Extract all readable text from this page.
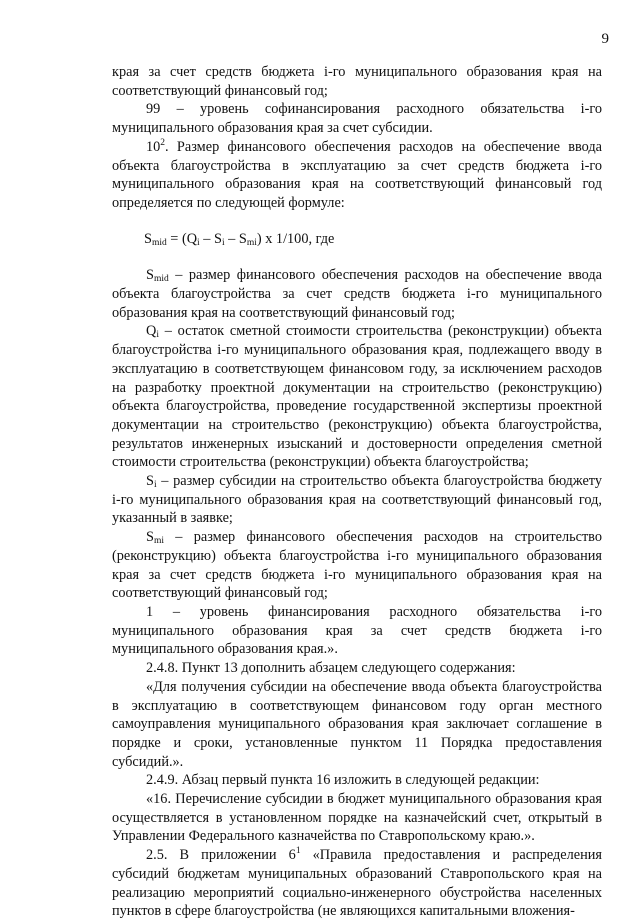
9

края за счет средств бюджета i-го муниципального образования края на соответствующий финансовый год;

99 – уровень софинансирования расходного обязательства i-го муниципального образования края за счет субсидии.

$10^2$. Размер финансового обеспечения расходов на обеспечение ввода объекта благоустройства в эксплуатацию за счет средств бюджета i-го муниципального образования края на соответствующий финансовый год определяется по следующей формуле:

$S_{mid} = (Q_i - S_i - S_{mi})$ x 1/100, где

$S_{mid}$ – размер финансового обеспечения расходов на обеспечение ввода объекта благоустройства за счет средств бюджета i-го муниципального образования края на соответствующий финансовый год;

$Q_i$ – остаток сметной стоимости строительства (реконструкции) объекта благоустройства i-го муниципального образования края, подлежащего вводу в эксплуатацию в соответствующем финансовом году, за исключением расходов на разработку проектной документации на строительство (реконструкцию) объекта благоустройства, проведение государственной экспертизы проектной документации на строительство (реконструкцию) объекта благоустройства, результатов инженерных изысканий и достоверности определения сметной стоимости строительства (реконструкции) объекта благоустройства;

$S_i$ – размер субсидии на строительство объекта благоустройства бюджету i-го муниципального образования края на соответствующий финансовый год, указанный в заявке;

$S_{mi}$ – размер финансового обеспечения расходов на строительство (реконструкцию) объекта благоустройства i-го муниципального образования края за счет средств бюджета i-го муниципального образования края на соответствующий финансовый год;

1 – уровень финансирования расходного обязательства i-го муниципального образования края за счет средств бюджета i-го муниципального образования края.».

2.4.8. Пункт 13 дополнить абзацем следующего содержания:

«Для получения субсидии на обеспечение ввода объекта благоустройства в эксплуатацию в соответствующем финансовом году орган местного самоуправления муниципального образования края заключает соглашение в порядке и сроки, установленные пунктом 11 Порядка предоставления субсидий.».

2.4.9. Абзац первый пункта 16 изложить в следующей редакции:

«16. Перечисление субсидии в бюджет муниципального образования края осуществляется в установленном порядке на казначейский счет, открытый в Управлении Федерального казначейства по Ставропольскому краю.».

2.5. В приложении $6^1$ «Правила предоставления и распределения субсидий бюджетам муниципальных образований Ставропольского края на реализацию мероприятий социально-инженерного обустройства населенных пунктов в сфере благоустройства (не являющихся капитальными вложения-
